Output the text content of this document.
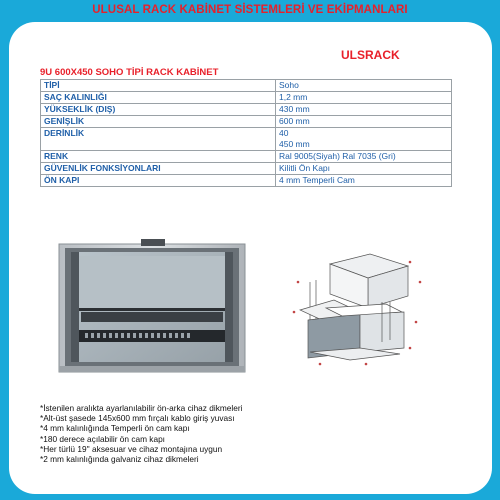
ULUSAL RACK KABİNET SİSTEMLERİ VE EKİPMANLARI
ULSRACK
9U 600X450 SOHO TİPİ RACK KABİNET
TİPİ	Soho
SAÇ KALINLIĞI	1,2 mm
YÜKSEKLİK (DIŞ)	430 mm
GENİŞLİK	600 mm
DERİNLİK	40
450 mm

RENK	Ral 9005(Siyah) Ral 7035 (Gri)
GÜVENLİK FONKSİYONLARI	Kilitli Ön Kapı
ÖN KAPI	4 mm Temperli Cam
*İstenilen aralıkta ayarlanılabilir ön-arka cihaz dikmeleri
*Alt-üst şasede 145x600 mm fırçalı kablo giriş yuvası
*4 mm kalınlığında Temperli ön cam kapı
*180 derece açılabilir ön cam kapı
*Her türlü 19'' aksesuar ve cihaz montajına uygun
*2 mm kalınlığında galvaniz cihaz dikmeleri
